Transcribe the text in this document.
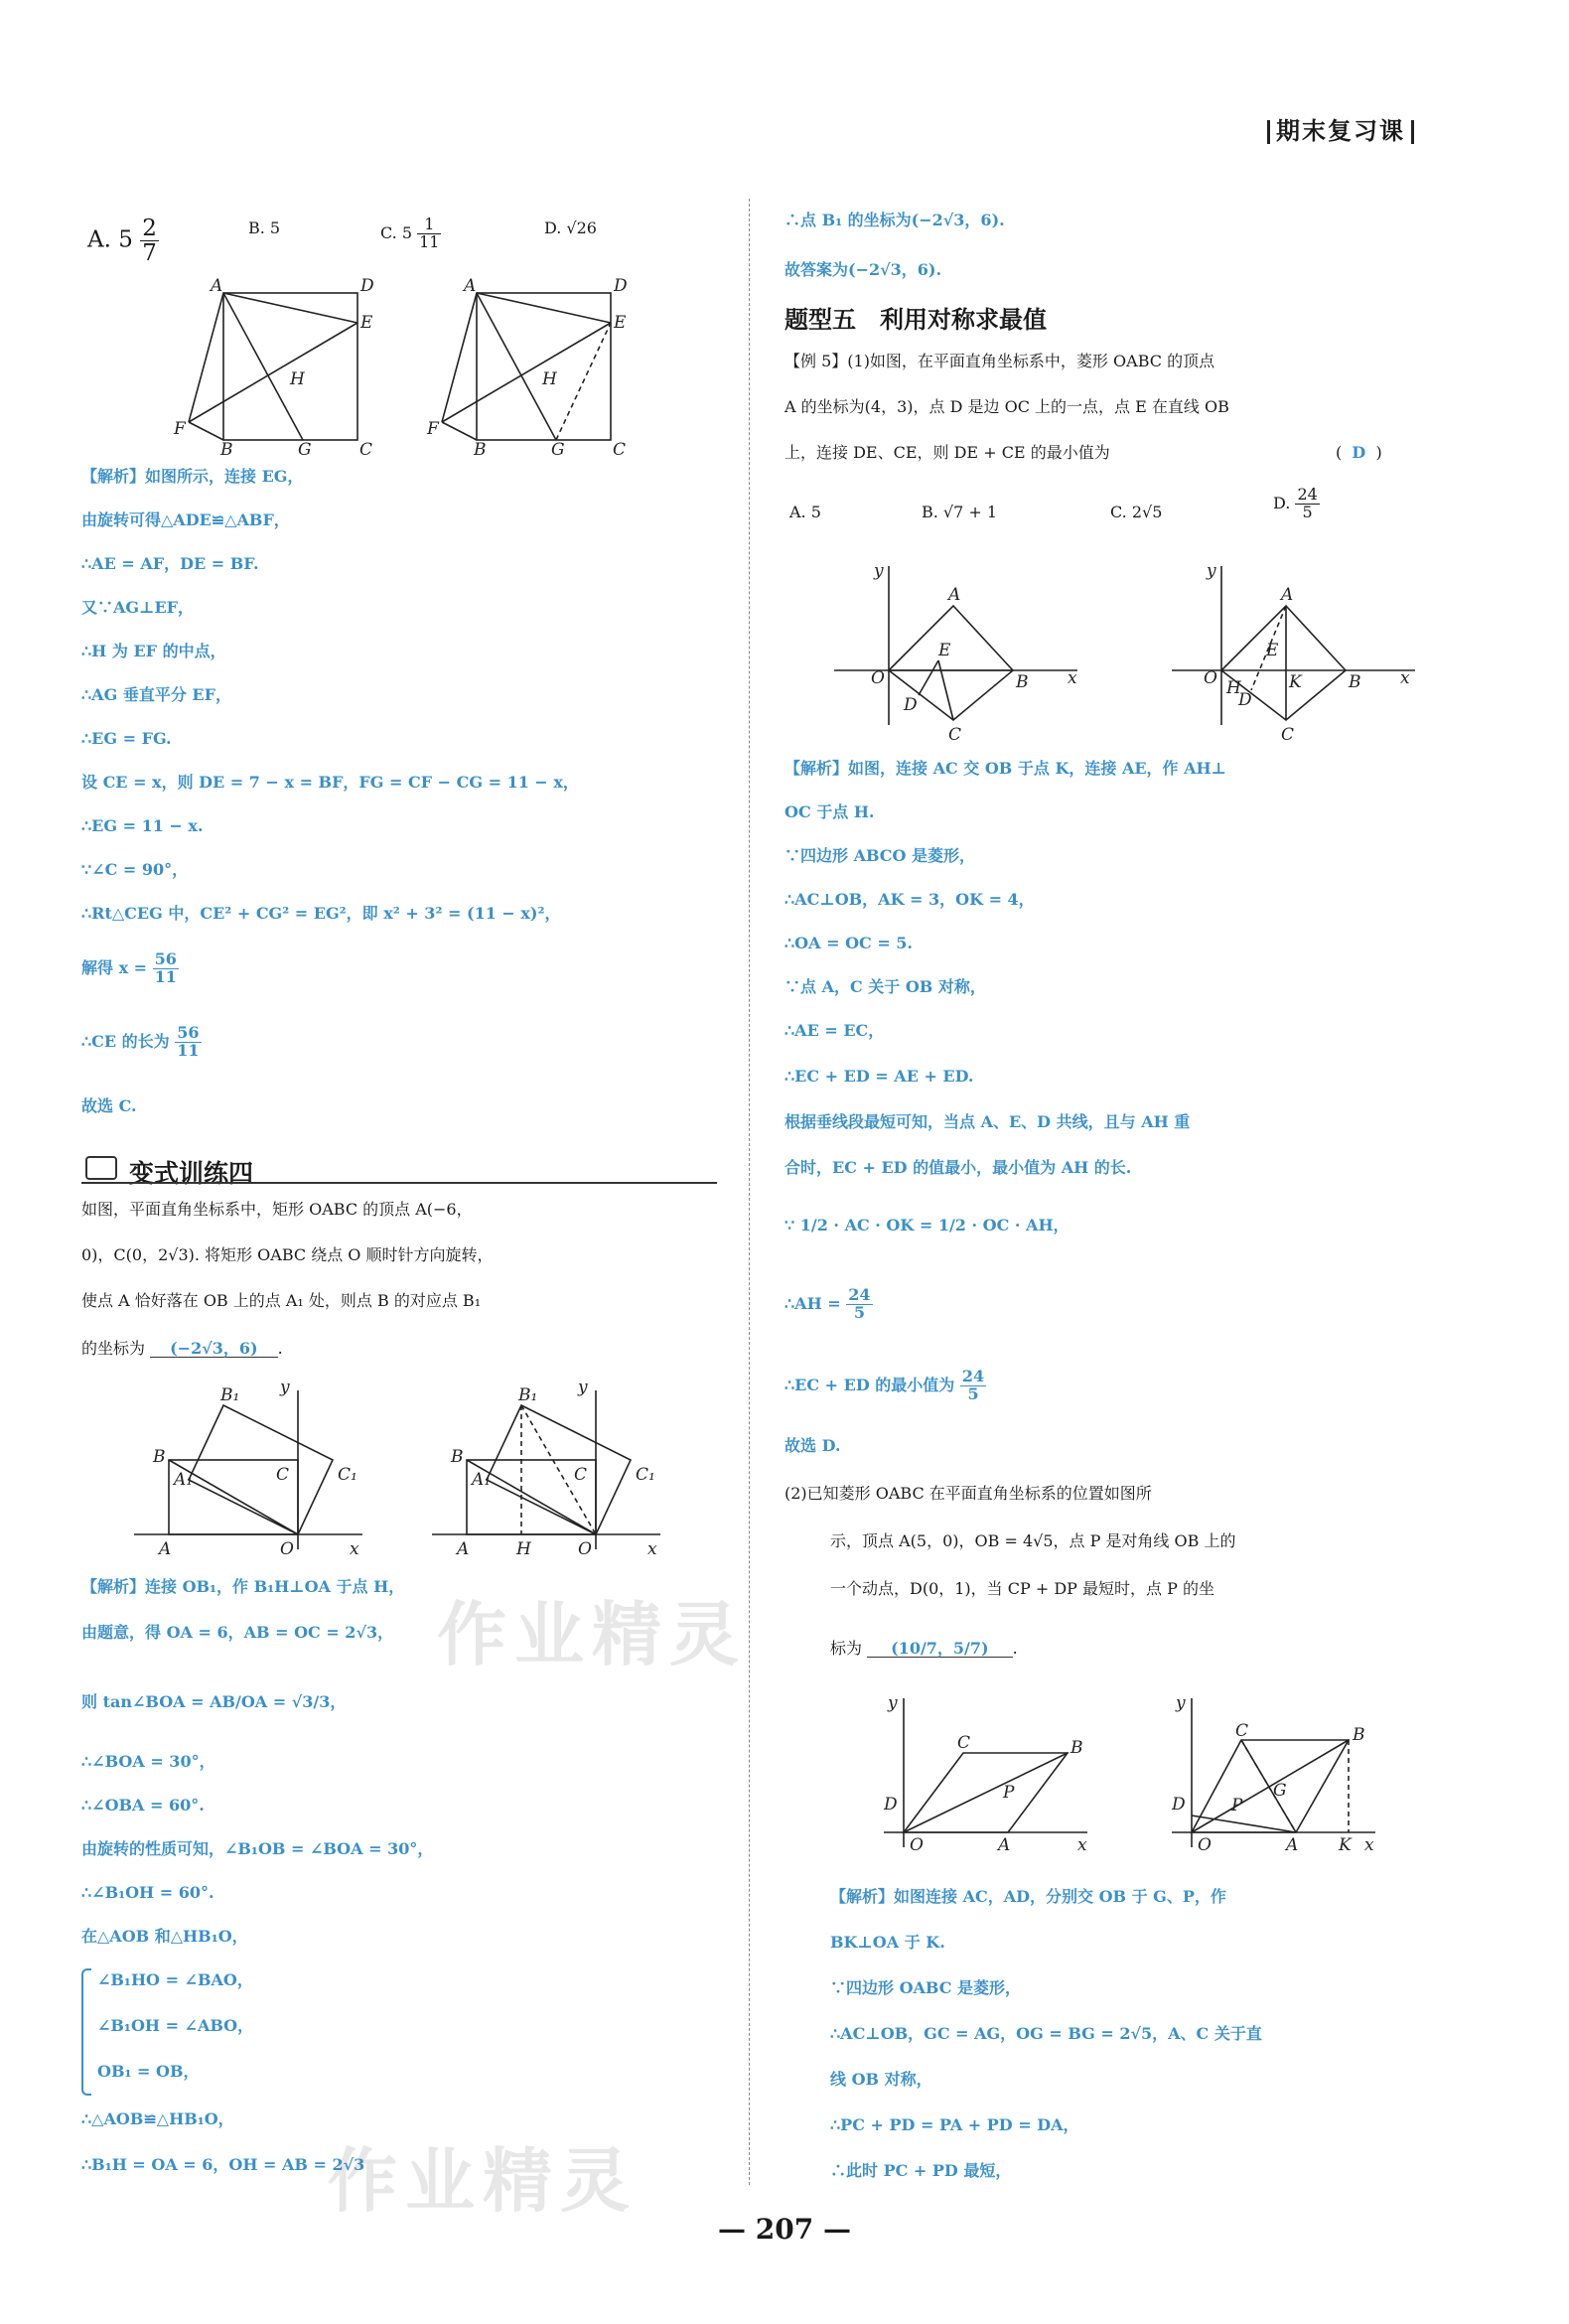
期末复习课
A. $5 \frac{2}{7}$	B. 5	C. $5 \frac{1}{11}$	D. √26
A	D
E
H
F
B	G	C
A	D
E
H
F
B	G	C
【解析】如图所示，连接 EG，
由旋转可得△ADE≌△ABF，
∴AE = AF，DE = BF.
又∵AG⊥EF，
∴H 为 EF 的中点，
∴AG 垂直平分 EF，
∴EG = FG.
设 CE = x，则 DE = 7 − x = BF，FG = CF − CG = 11 − x，
∴EG = 11 − x.
∵∠C = 90°，
∴Rt△CEG 中，CE² + CG² = EG²，即 x² + 3² = (11 − x)²，
解得 $x = \frac{56}{11}$
∴CE 的长为 $\frac{56}{11}$
故选 C.
变式训练四
如图，平面直角坐标系中，矩形 OABC 的顶点 A(−6，
0)，C(0，2√3). 将矩形 OABC 绕点 O 顺时针方向旋转，
使点 A 恰好落在 OB 上的点 A₁ 处，则点 B 的对应点 B₁
的坐标为 (−2√3，6) .
B₁ y
B
A₁	C	C₁
A	O	x
B₁ y
B
A₁	C	C₁
A	H	O	x
【解析】连接 OB₁，作 B₁H⊥OA 于点 H，
由题意，得 OA = 6，AB = OC = 2√3，
则 tan∠BOA = AB/OA = √3/3，
∴∠BOA = 30°，
∴∠OBA = 60°.
由旋转的性质可知，∠B₁OB = ∠BOA = 30°，
∴∠B₁OH = 60°.
在△AOB 和△HB₁O，
∠B₁HO = ∠BAO，
∠B₁OH = ∠ABO，
OB₁ = OB，
∴△AOB≌△HB₁O，
∴B₁H = OA = 6，OH = AB = 2√3
∴点 B₁ 的坐标为(−2√3，6).
故答案为(−2√3，6).
题型五　利用对称求最值
【例 5】(1)如图，在平面直角坐标系中，菱形 OABC 的顶点
A 的坐标为(4，3)，点 D 是边 OC 上的一点，点 E 在直线 OB
上，连接 DE、CE，则 DE + CE 的最小值为	(  D  )
A. 5	B. √7 + 1	C. 2√5	D. $\frac{24}{5}$
y
A
E
O	B x
D
C
y
A
E
O H
D
K	B x
C
【解析】如图，连接 AC 交 OB 于点 K，连接 AE，作 AH⊥
OC 于点 H.
∵四边形 ABCO 是菱形，
∴AC⊥OB，AK = 3，OK = 4，
∴OA = OC = 5.
∵点 A，C 关于 OB 对称，
∴AE = EC，
∴EC + ED = AE + ED.
根据垂线段最短可知，当点 A、E、D 共线，且与 AH 重
合时，EC + ED 的值最小，最小值为 AH 的长.
∵ 1/2 · AC · OK = 1/2 · OC · AH，
∴AH = $\frac{24}{5}$
∴EC + ED 的最小值为 $\frac{24}{5}$
故选 D.
(2)已知菱形 OABC 在平面直角坐标系的位置如图所
示，顶点 A(5，0)，OB = 4√5，点 P 是对角线 OB 上的
一个动点，D(0，1)，当 CP + DP 最短时，点 P 的坐
标为 (10/7，5/7) .
y
C	B
P
D
O	A	x
y
C	B
G
P
D
O	A K x
【解析】如图连接 AC，AD，分别交 OB 于 G、P，作
BK⊥OA 于 K.
∵四边形 OABC 是菱形，
∴AC⊥OB，GC = AG，OG = BG = 2√5，A、C 关于直
线 OB 对称，
∴PC + PD = PA + PD = DA，
∴此时 PC + PD 最短，
作业精灵
作业精灵
— 207 —
